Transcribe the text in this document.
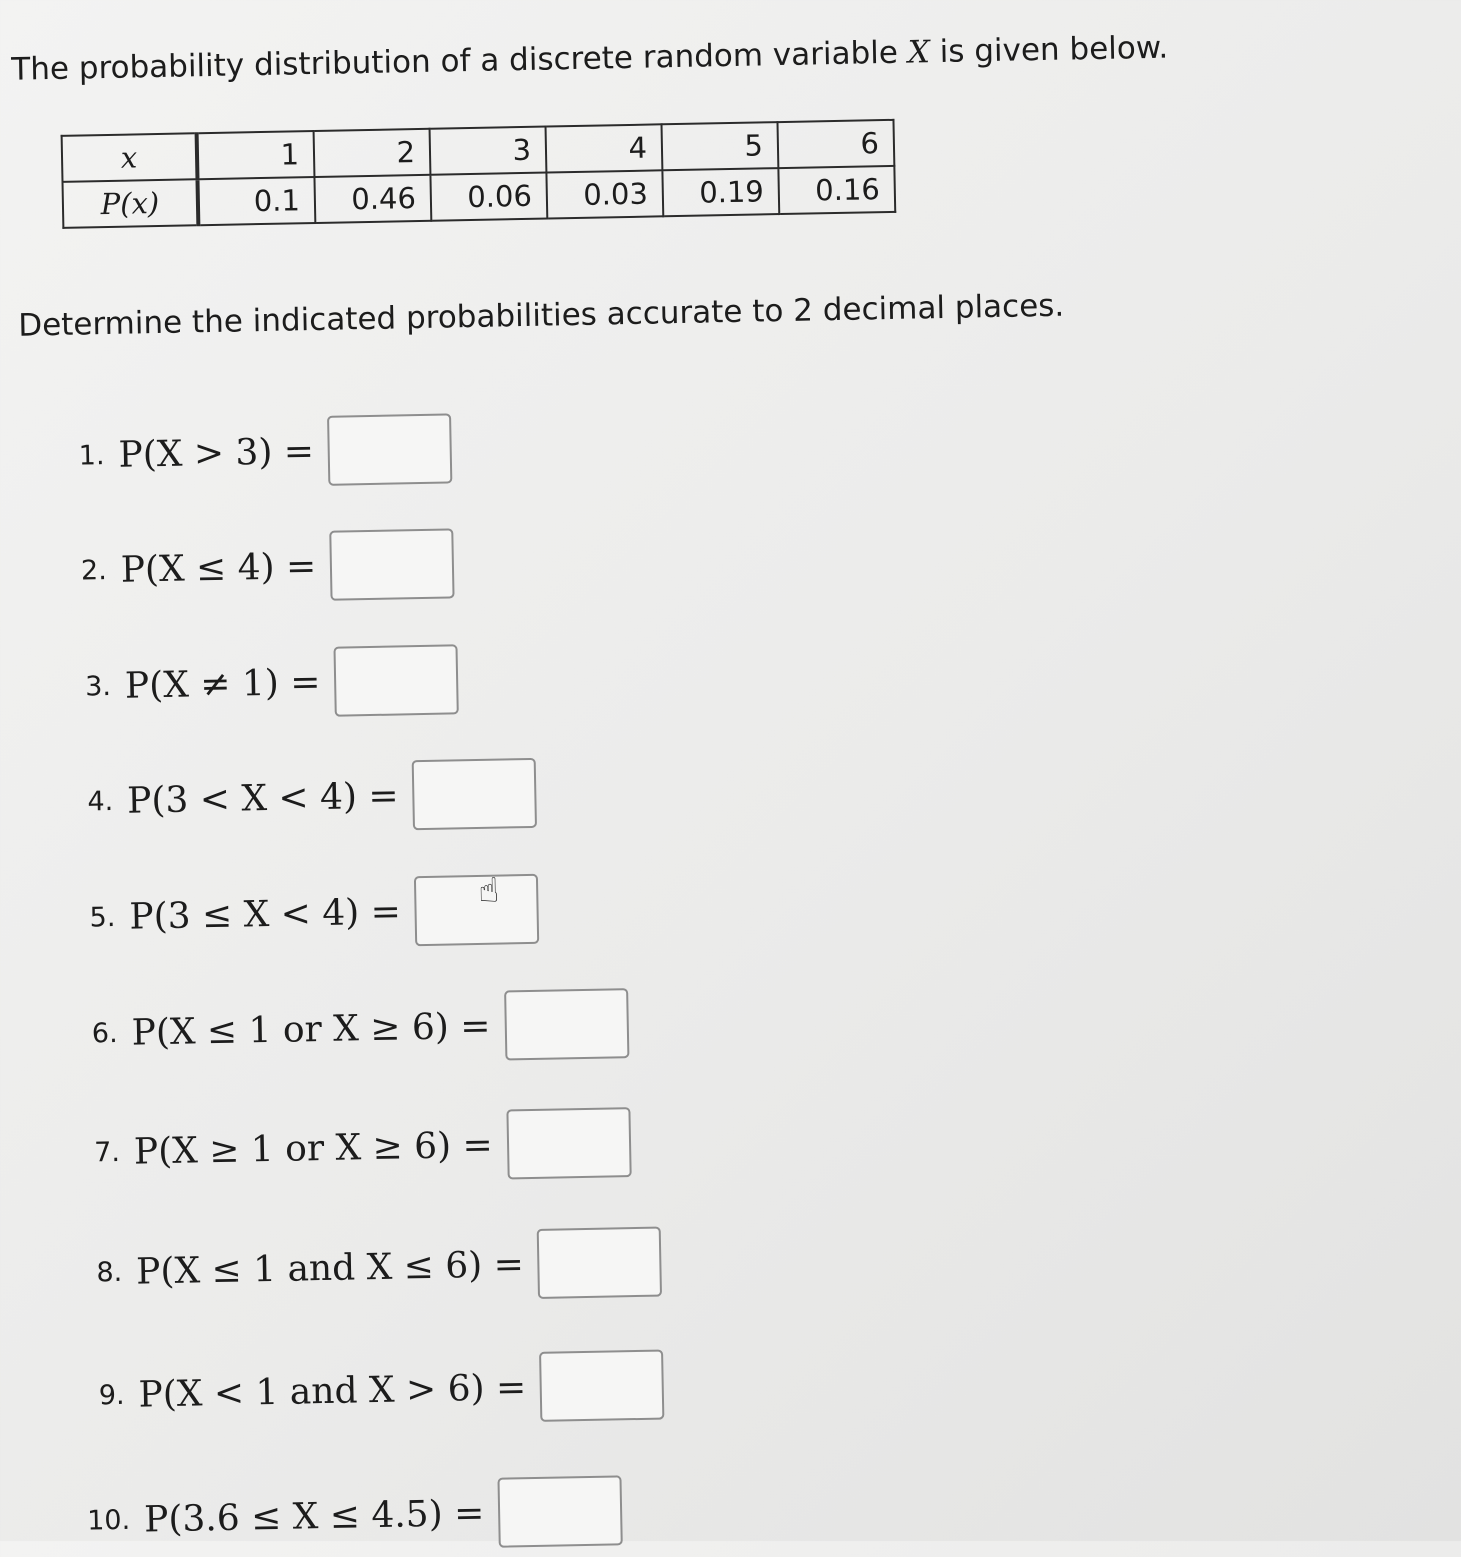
The probability distribution of a discrete random variable X is given below.
x	1	2	3	4	5	6
P(x)	0.1	0.46	0.06	0.03	0.19	0.16
Determine the indicated probabilities accurate to 2 decimal places.
1. P(X > 3) =
2. P(X ≤ 4) =
3. P(X ≠ 1) =
4. P(3 < X < 4) =
5. P(3 ≤ X < 4) =
☝
6. P(X ≤ 1 or X ≥ 6) =
7. P(X ≥ 1 or X ≥ 6) =
8. P(X ≤ 1 and X ≤ 6) =
9. P(X < 1 and X > 6) =
10. P(3.6 ≤ X ≤ 4.5) =
